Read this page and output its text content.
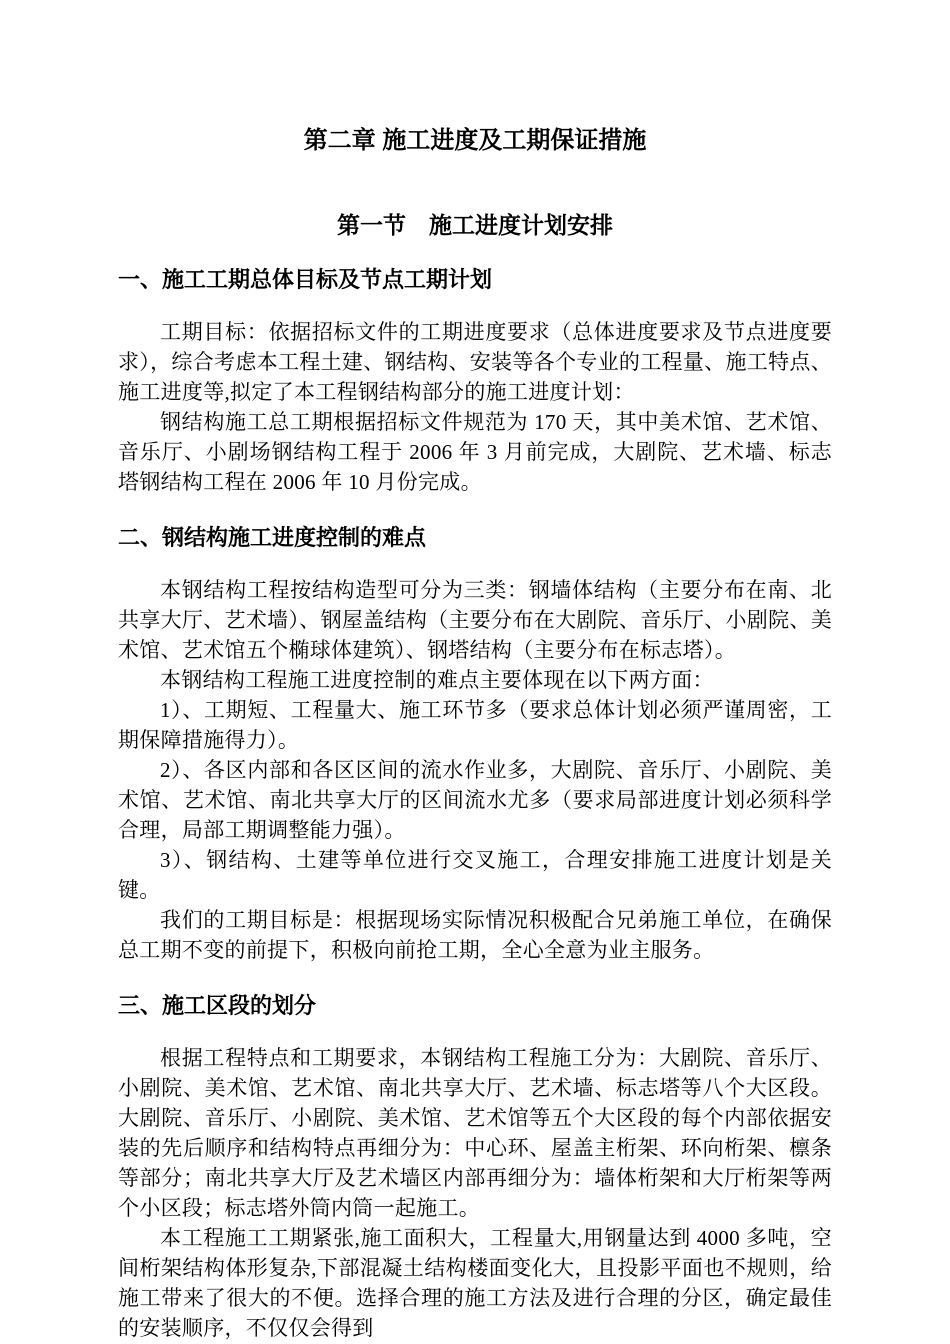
第二章 施工进度及工期保证措施
第一节　施工进度计划安排
一、施工工期总体目标及节点工期计划

工期目标：依据招标文件的工期进度要求（总体进度要求及节点进度要求），综合考虑本工程土建、钢结构、安装等各个专业的工程量、施工特点、施工进度等,拟定了本工程钢结构部分的施工进度计划：

钢结构施工总工期根据招标文件规范为 170 天，其中美术馆、艺术馆、音乐厅、小剧场钢结构工程于 2006 年 3 月前完成，大剧院、艺术墙、标志塔钢结构工程在 2006 年 10 月份完成。

二、钢结构施工进度控制的难点

本钢结构工程按结构造型可分为三类：钢墙体结构（主要分布在南、北共享大厅、艺术墙）、钢屋盖结构（主要分布在大剧院、音乐厅、小剧院、美术馆、艺术馆五个椭球体建筑）、钢塔结构（主要分布在标志塔）。

本钢结构工程施工进度控制的难点主要体现在以下两方面：

1）、工期短、工程量大、施工环节多（要求总体计划必须严谨周密，工期保障措施得力）。

2）、各区内部和各区区间的流水作业多，大剧院、音乐厅、小剧院、美术馆、艺术馆、南北共享大厅的区间流水尤多（要求局部进度计划必须科学合理，局部工期调整能力强）。

3）、钢结构、土建等单位进行交叉施工，合理安排施工进度计划是关键。

我们的工期目标是：根据现场实际情况积极配合兄弟施工单位，在确保总工期不变的前提下，积极向前抢工期，全心全意为业主服务。

三、施工区段的划分

根据工程特点和工期要求，本钢结构工程施工分为：大剧院、音乐厅、小剧院、美术馆、艺术馆、南北共享大厅、艺术墙、标志塔等八个大区段。大剧院、音乐厅、小剧院、美术馆、艺术馆等五个大区段的每个内部依据安装的先后顺序和结构特点再细分为：中心环、屋盖主桁架、环向桁架、檩条等部分；南北共享大厅及艺术墙区内部再细分为：墙体桁架和大厅桁架等两个小区段；标志塔外筒内筒一起施工。

本工程施工工期紧张,施工面积大，工程量大,用钢量达到 4000 多吨，空间桁架结构体形复杂,下部混凝土结构楼面变化大，且投影平面也不规则，给施工带来了很大的不便。选择合理的施工方法及进行合理的分区，确定最佳的安装顺序，不仅仅会得到
